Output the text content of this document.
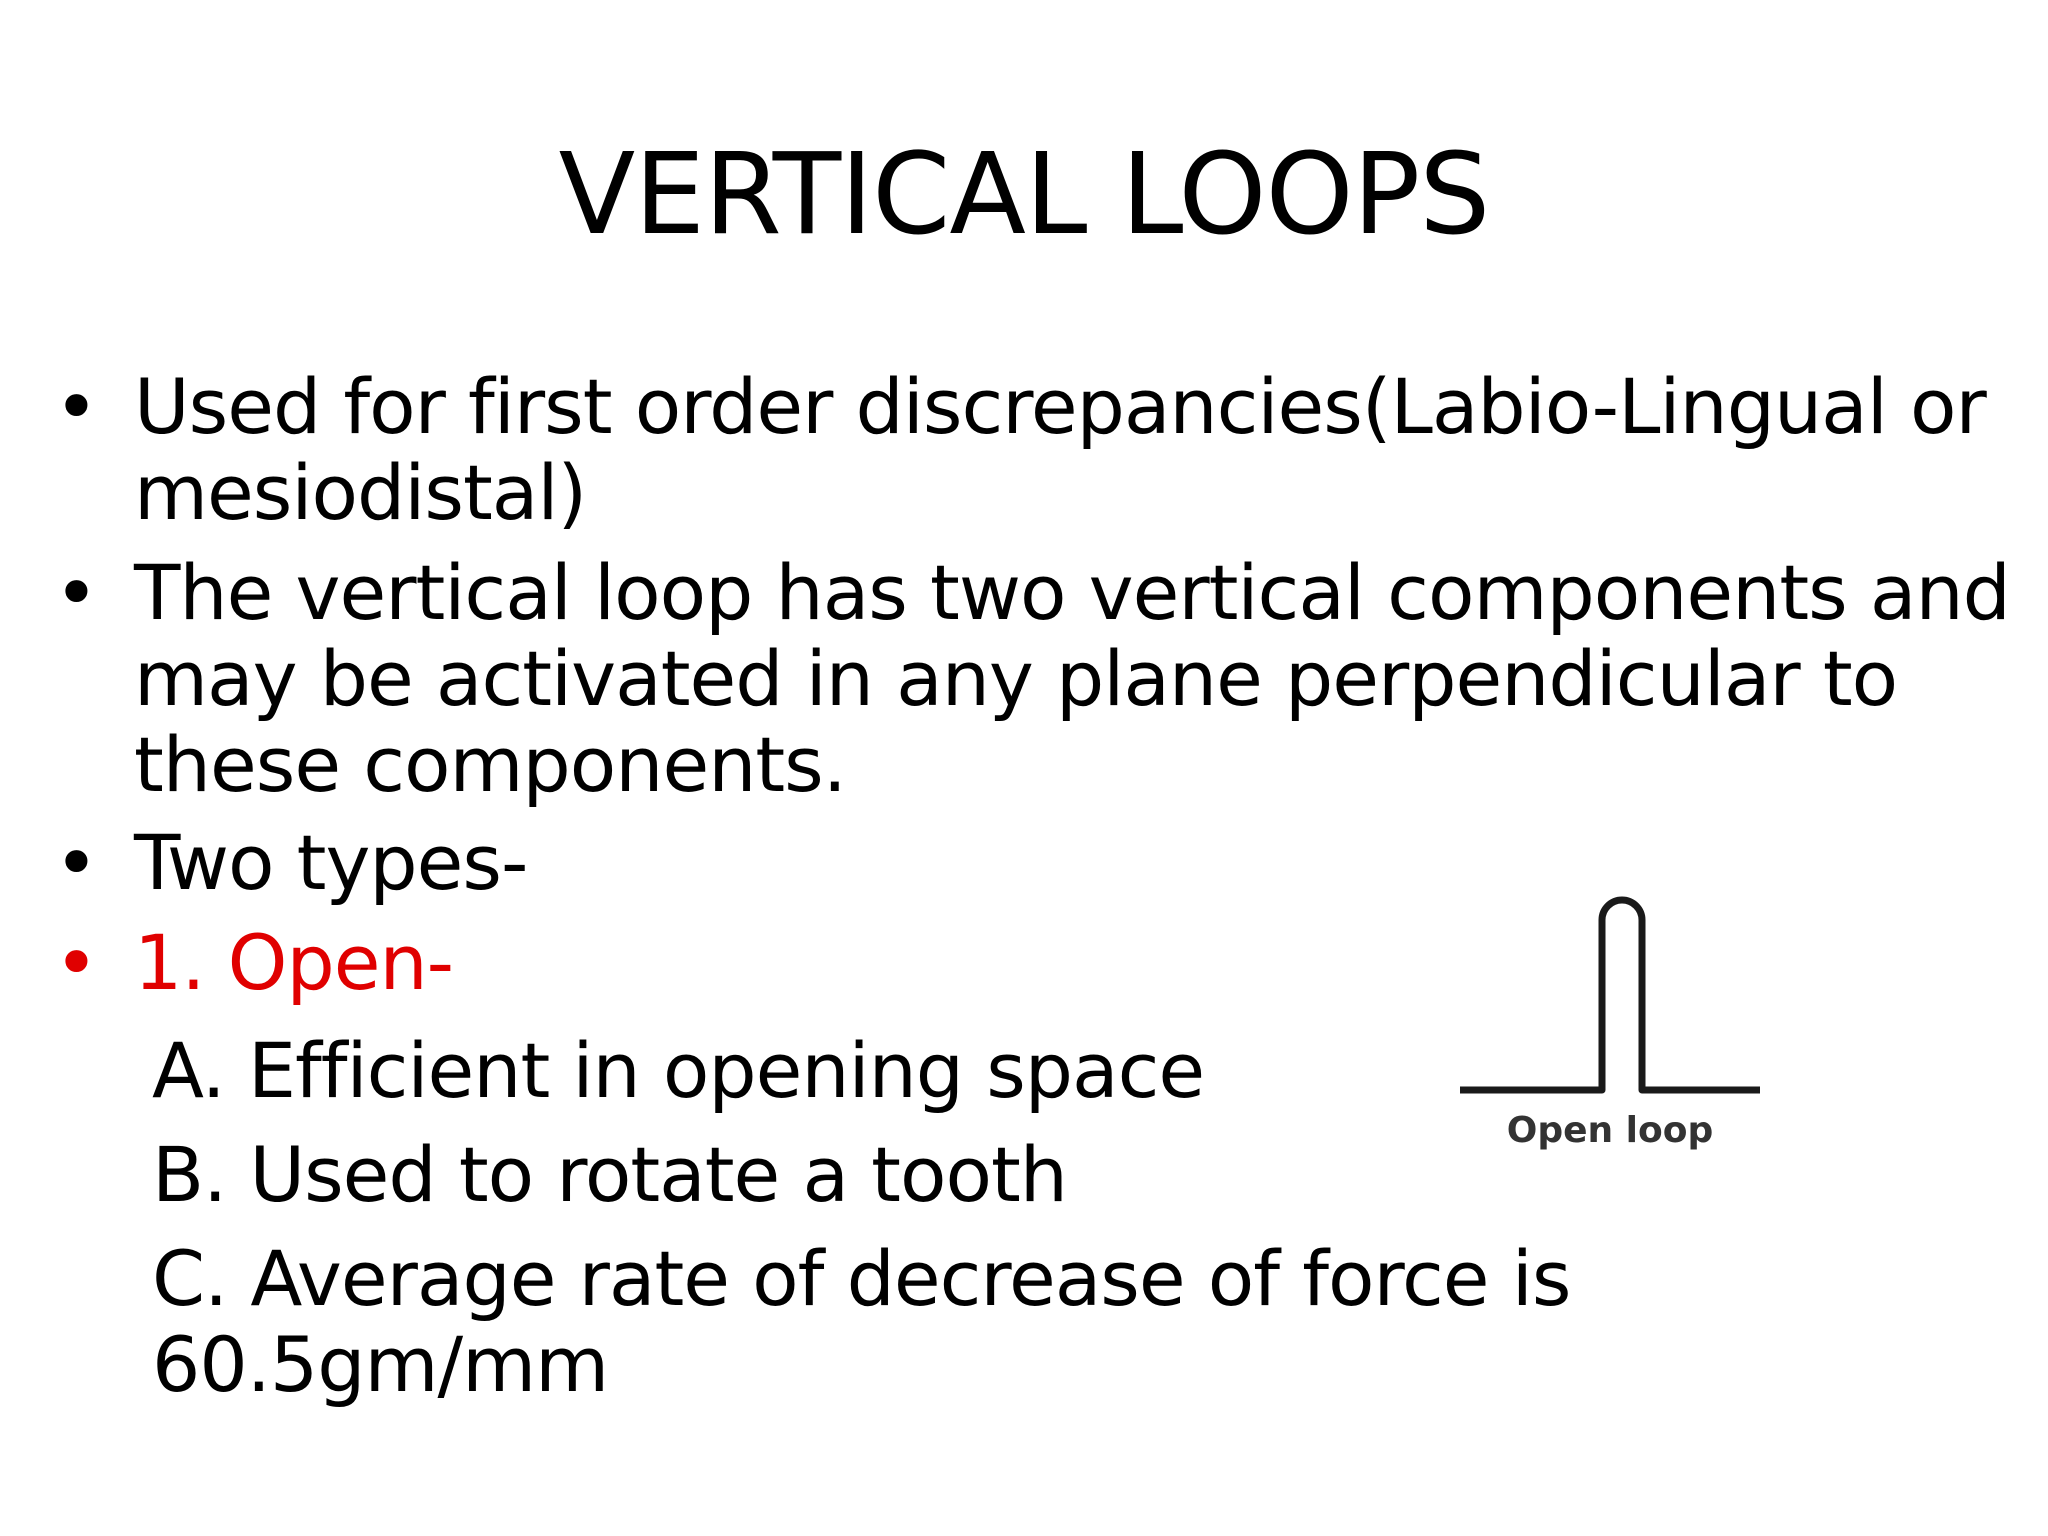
VERTICAL LOOPS
• Used for first order discrepancies(Labio-Lingual or mesiodistal)
• The vertical loop has two vertical components and may be activated in any plane perpendicular to these components.
• Two types-
• 1. Open-
A. Efficient in opening space
B. Used to rotate a tooth
C. Average rate of decrease of force is 60.5gm/mm
Open loop
